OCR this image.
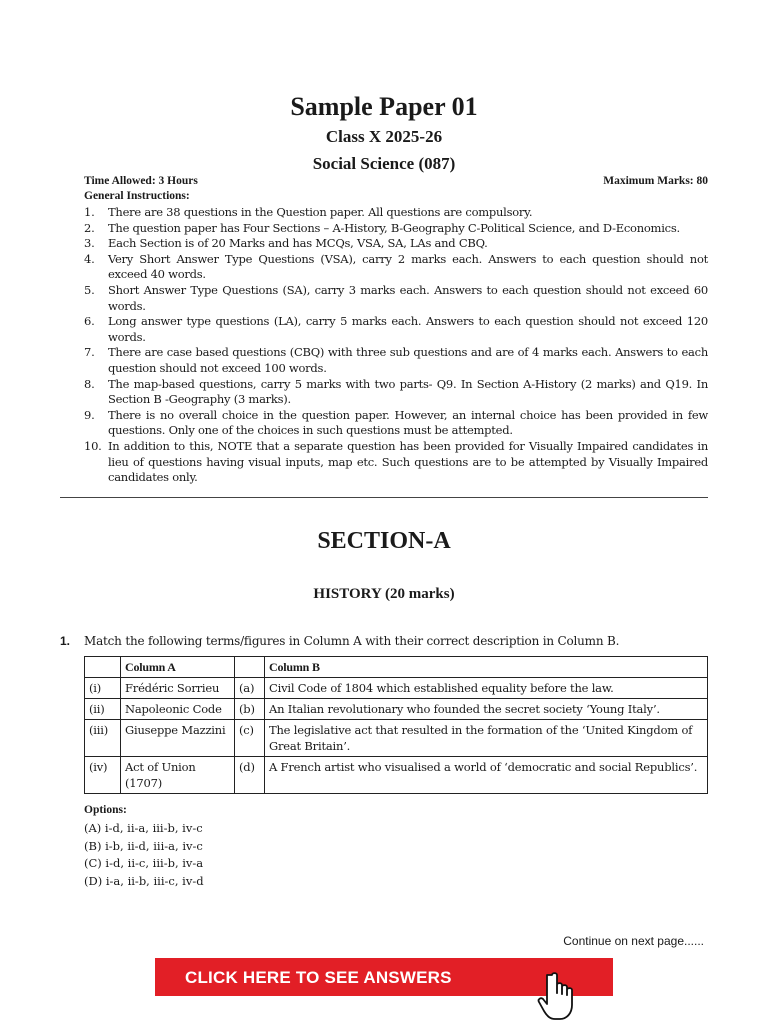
Sample Paper 01
Class X 2025-26
Social Science (087)
Time Allowed: 3 Hours	Maximum Marks: 80
General Instructions:
1. There are 38 questions in the Question paper. All questions are compulsory.
2. The question paper has Four Sections – A-History, B-Geography C-Political Science, and D-Economics.
3. Each Section is of 20 Marks and has MCQs, VSA, SA, LAs and CBQ.
4. Very Short Answer Type Questions (VSA), carry 2 marks each. Answers to each question should not exceed 40 words.
5. Short Answer Type Questions (SA), carry 3 marks each. Answers to each question should not exceed 60 words.
6. Long answer type questions (LA), carry 5 marks each. Answers to each question should not exceed 120 words.
7. There are case based questions (CBQ) with three sub questions and are of 4 marks each. Answers to each question should not exceed 100 words.
8. The map-based questions, carry 5 marks with two parts- Q9. In Section A-History (2 marks) and Q19. In Section B -Geography (3 marks).
9. There is no overall choice in the question paper. However, an internal choice has been provided in few questions. Only one of the choices in such questions must be attempted.
10. In addition to this, NOTE that a separate question has been provided for Visually Impaired candidates in lieu of questions having visual inputs, map etc. Such questions are to be attempted by Visually Impaired candidates only.
SECTION-A
HISTORY (20 marks)
1. Match the following terms/figures in Column A with their correct description in Column B.
	Column A		Column B
(i)	Frédéric Sorrieu	(a)	Civil Code of 1804 which established equality before the law.
(ii)	Napoleonic Code	(b)	An Italian revolutionary who founded the secret society ‘Young Italy’.
(iii)	Giuseppe Mazzini	(c)	The legislative act that resulted in the formation of the ‘United Kingdom of Great Britain’.
(iv)	Act of Union (1707)	(d)	A French artist who visualised a world of ‘democratic and social Republics’.
Options:
(A) i-d, ii-a, iii-b, iv-c
(B) i-b, ii-d, iii-a, iv-c
(C) i-d, ii-c, iii-b, iv-a
(D) i-a, ii-b, iii-c, iv-d
Continue on next page......
CLICK HERE TO SEE ANSWERS
